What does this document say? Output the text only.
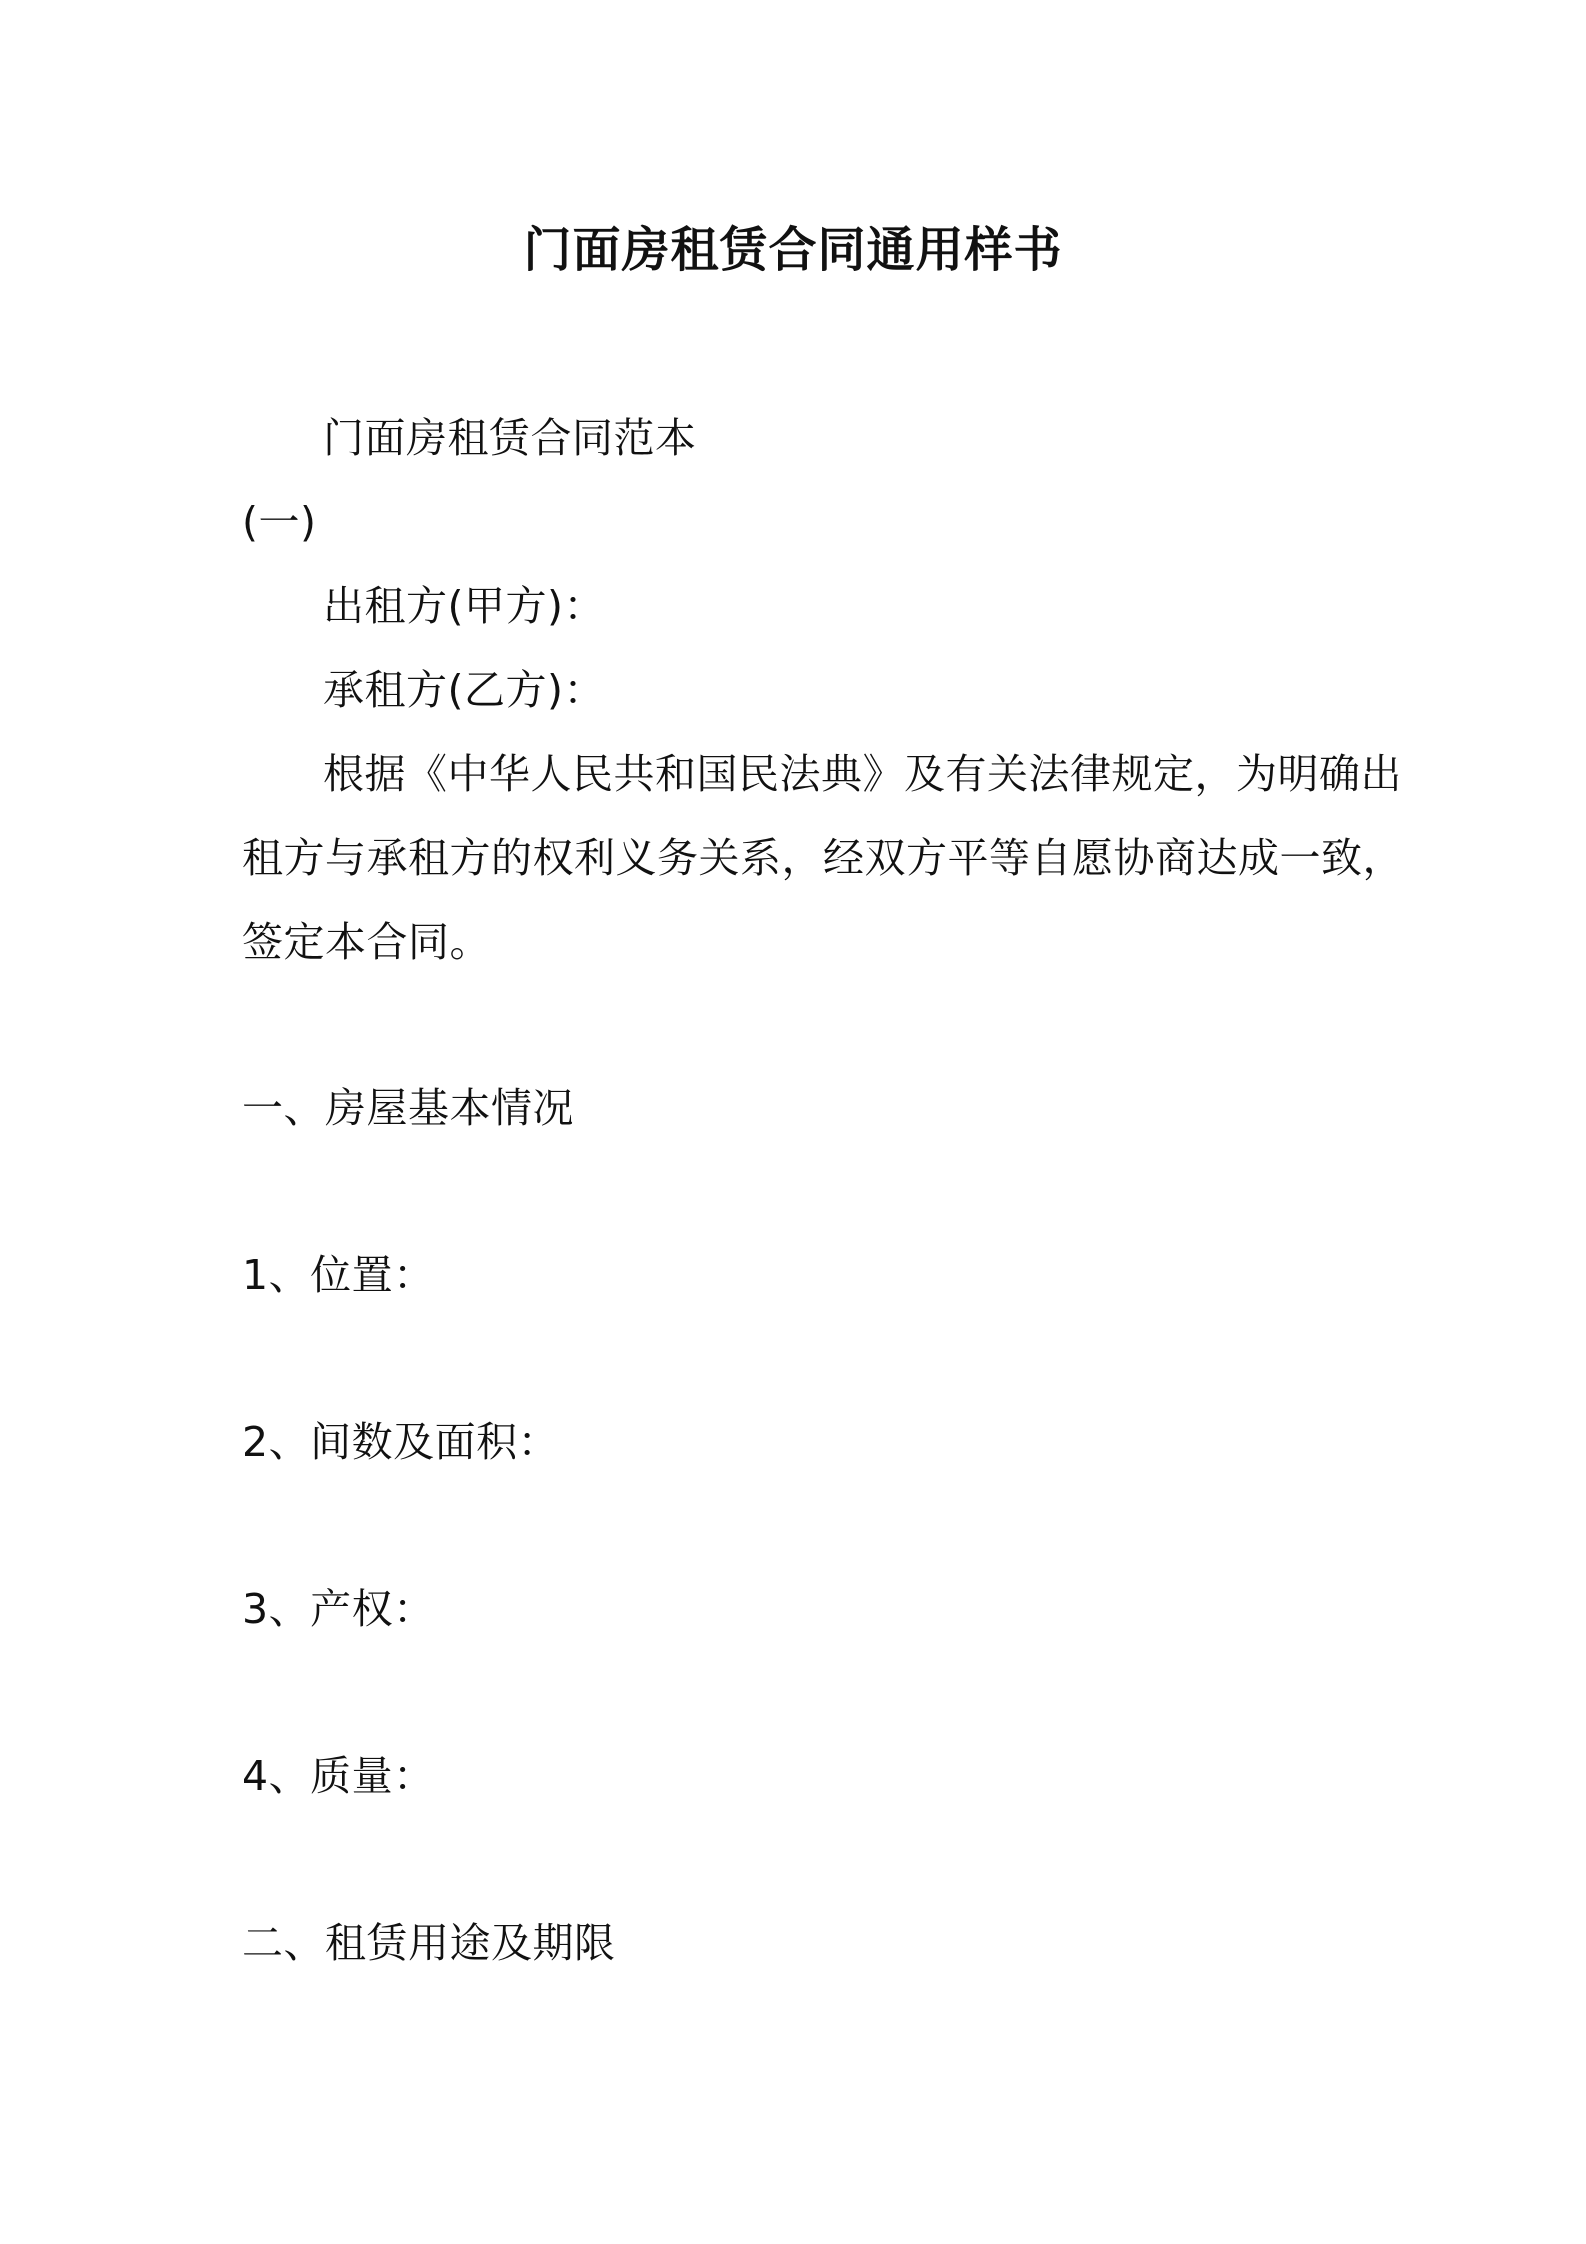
门面房租赁合同通用样书
门面房租赁合同范本
(一)
出租方(甲方)：
承租方(乙方)：
根据《中华人民共和国民法典》及有关法律规定，为明确出
租方与承租方的权利义务关系，经双方平等自愿协商达成一致，
签定本合同。
一、房屋基本情况
1、位置：
2、间数及面积：
3、产权：
4、质量：
二、租赁用途及期限
